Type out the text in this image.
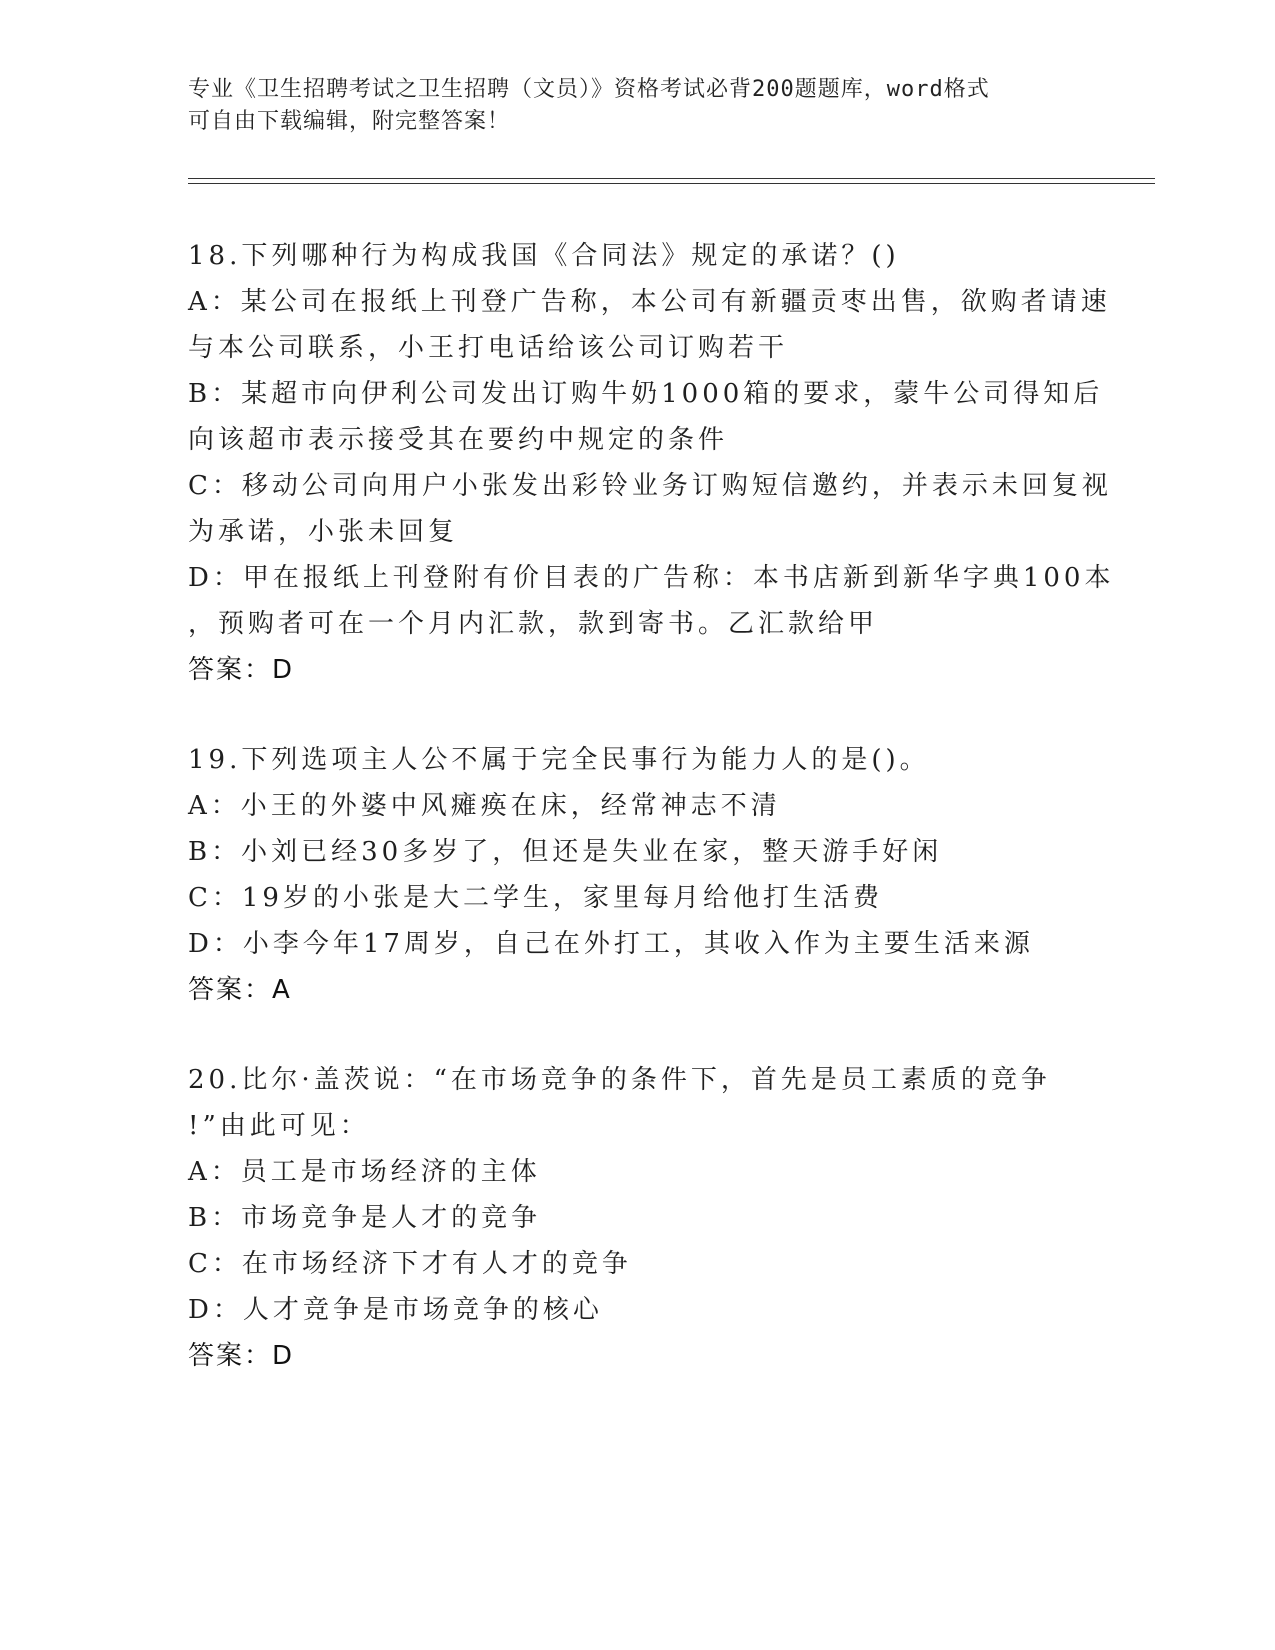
专业《卫生招聘考试之卫生招聘（文员）》资格考试必背200题题库，word格式
可自由下载编辑，附完整答案！
18.下列哪种行为构成我国《合同法》规定的承诺？()
A：某公司在报纸上刊登广告称，本公司有新疆贡枣出售，欲购者请速
与本公司联系，小王打电话给该公司订购若干
B：某超市向伊利公司发出订购牛奶1000箱的要求，蒙牛公司得知后
向该超市表示接受其在要约中规定的条件
C：移动公司向用户小张发出彩铃业务订购短信邀约，并表示未回复视
为承诺，小张未回复
D：甲在报纸上刊登附有价目表的广告称：本书店新到新华字典100本
，预购者可在一个月内汇款，款到寄书。乙汇款给甲
答案：D
19.下列选项主人公不属于完全民事行为能力人的是()。
A：小王的外婆中风瘫痪在床，经常神志不清
B：小刘已经30多岁了，但还是失业在家，整天游手好闲
C：19岁的小张是大二学生，家里每月给他打生活费
D：小李今年17周岁，自己在外打工，其收入作为主要生活来源
答案：A
20.比尔·盖茨说：“在市场竞争的条件下，首先是员工素质的竞争
!”由此可见：
A：员工是市场经济的主体
B：市场竞争是人才的竞争
C：在市场经济下才有人才的竞争
D：人才竞争是市场竞争的核心
答案：D
